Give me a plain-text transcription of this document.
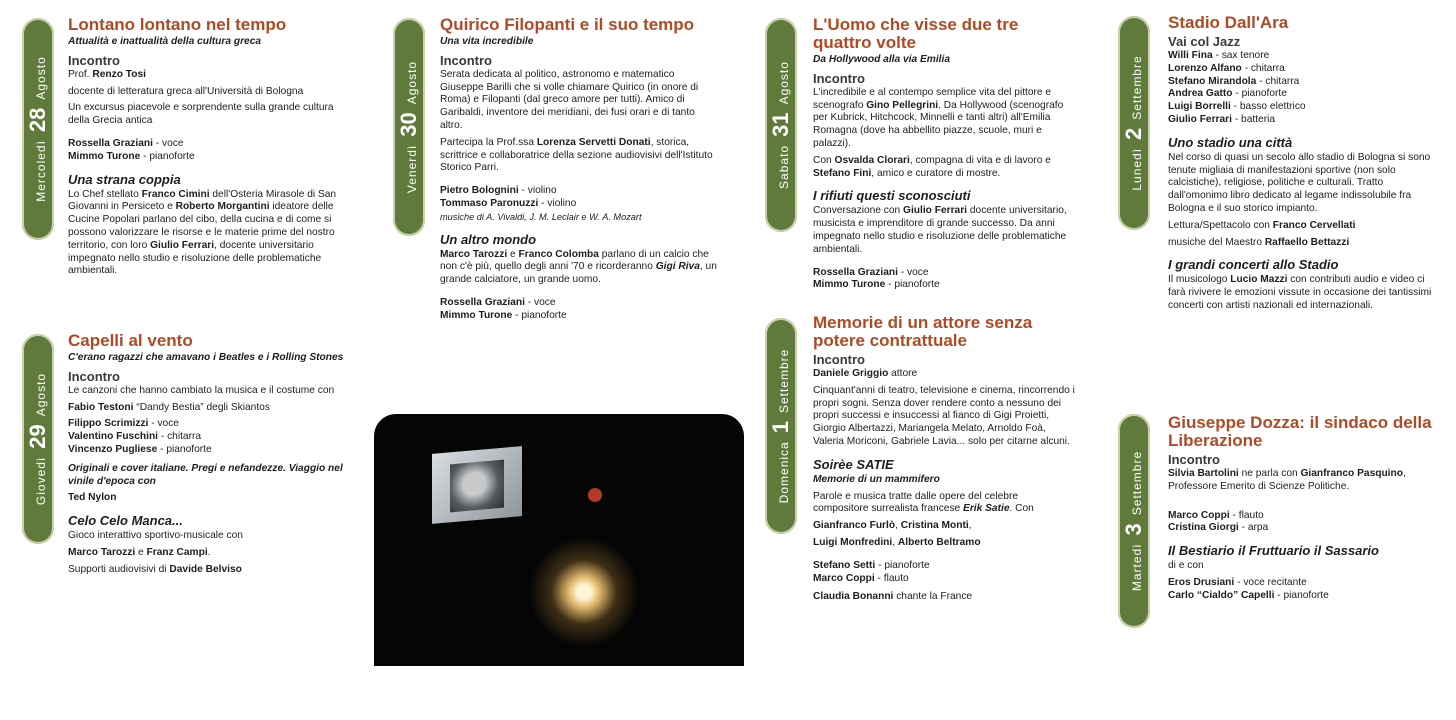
Mercoledì
28
Agosto
Lontano lontano nel tempo
Attualità e inattualità della cultura greca
Incontro
Prof. Renzo Tosi
docente di letteratura greca all'Università di Bologna
Un excursus piacevole e sorprendente sulla grande cultura della Grecia antica
Rossella Graziani - voce
Mimmo Turone - pianoforte
Una strana coppia
Lo Chef stellato Franco Cimini dell'Osteria Mirasole di San Giovanni in Persiceto e Roberto Morgantini ideatore delle Cucine Popolari parlano del cibo, della cucina e di come si possono valorizzare le risorse e le materie prime del nostro territorio, con loro Giulio Ferrari, docente universitario impegnato nello studio e risoluzione delle problematiche ambientali.
Giovedì
29
Agosto
Capelli al vento
C'erano ragazzi che amavano i Beatles e i Rolling Stones
Incontro
Le canzoni che hanno cambiato la musica e il costume con
Fabio Testoni “Dandy Bestia” degli Skiantos
Filippo Scrimizzi - voce
Valentino Fuschini - chitarra
Vincenzo Pugliese - pianoforte
Originali e cover italiane. Pregi e nefandezze. Viaggio nel vinile d'epoca con
Ted Nylon
Celo Celo Manca...
Gioco interattivo sportivo-musicale con
Marco Tarozzi e Franz Campi.
Supporti audiovisivi di Davide Belviso
Venerdì
30
Agosto
Quirico Filopanti e il suo tempo
Una vita incredibile
Incontro
Serata dedicata al politico, astronomo e matematico Giuseppe Barilli che si volle chiamare Quirico (in onore di Roma) e Filopanti (dal greco amore per tutti). Amico di Garibaldi, inventore dei meridiani, dei fusi orari e di tanto altro.
Partecipa la Prof.ssa Lorenza Servetti Donati, storica, scrittrice e collaboratrice della sezione audiovisivi dell'Istituto Storico Parri.
Pietro Bolognini - violino
Tommaso Paronuzzi - violino
musiche di A. Vivaldi, J. M. Leclair e W. A. Mozart
Un altro mondo
Marco Tarozzi e Franco Colomba parlano di un calcio che non c'è più, quello degli anni '70 e ricorderanno Gigi Riva, un grande calciatore, un grande uomo.
Rossella Graziani - voce
Mimmo Turone - pianoforte
Sabato
31
Agosto
L'Uomo che visse due tre quattro volte
Da Hollywood alla via Emilia
Incontro
L'incredibile e al contempo semplice vita del pittore e scenografo Gino Pellegrini. Da Hollywood (scenografo per Kubrick, Hitchcock, Minnelli e tanti altri) all'Emilia Romagna (dove ha abbellito piazze, scuole, muri e palazzi).
Con Osvalda Clorari, compagna di vita e di lavoro e Stefano Fini, amico e curatore di mostre.
I rifiuti questi sconosciuti
Conversazione con Giulio Ferrari docente universitario, musicista e imprenditore di grande successo. Da anni impegnato nello studio e risoluzione delle problematiche ambientali.
Rossella Graziani - voce
Mimmo Turone - pianoforte
Domenica
1
Settembre
Memorie di un attore senza potere contrattuale
Incontro
Daniele Griggio attore
Cinquant'anni di teatro, televisione e cinema, rincorrendo i propri sogni. Senza dover rendere conto a nessuno dei propri successi e insuccessi al fianco di Gigi Proietti, Giorgio Albertazzi, Mariangela Melato, Arnoldo Foà, Valeria Moriconi, Gabriele Lavia... solo per citarne alcuni.
Soirèe SATIE
Memorie di un mammifero
Parole e musica tratte dalle opere del celebre compositore surrealista francese Erik Satie. Con
Gianfranco Furlò, Cristina Monti,
Luigi Monfredini, Alberto Beltramo
Stefano Setti - pianoforte
Marco Coppi - flauto
Claudia Bonanni chante la France
Lunedì
2
Settembre
Stadio Dall'Ara
Vai col Jazz
Willi Fina - sax tenore
Lorenzo Alfano - chitarra
Stefano Mirandola - chitarra
Andrea Gatto - pianoforte
Luigi Borrelli - basso elettrico
Giulio Ferrari - batteria
Uno stadio una città
Nel corso di quasi un secolo allo stadio di Bologna si sono tenute migliaia di manifestazioni sportive (non solo calcistiche), religiose, politiche e culturali. Tratto dall'omonimo libro dedicato al legame indissolubile fra Bologna e il suo storico impianto.
Lettura/Spettacolo con Franco Cervellati
musiche del Maestro Raffaello Bettazzi
I grandi concerti allo Stadio
Il musicologo Lucio Mazzi con contributi audio e video ci farà rivivere le emozioni vissute in occasione dei tantissimi concerti con artisti nazionali ed internazionali.
Martedì
3
Settembre
Giuseppe Dozza: il sindaco della Liberazione
Incontro
Silvia Bartolini ne parla con Gianfranco Pasquino, Professore Emerito di Scienze Politiche.
Marco Coppi - flauto
Cristina Giorgi - arpa
Il Bestiario il Fruttuario il Sassario
di e con
Eros Drusiani - voce recitante
Carlo “Cialdo” Capelli - pianoforte
